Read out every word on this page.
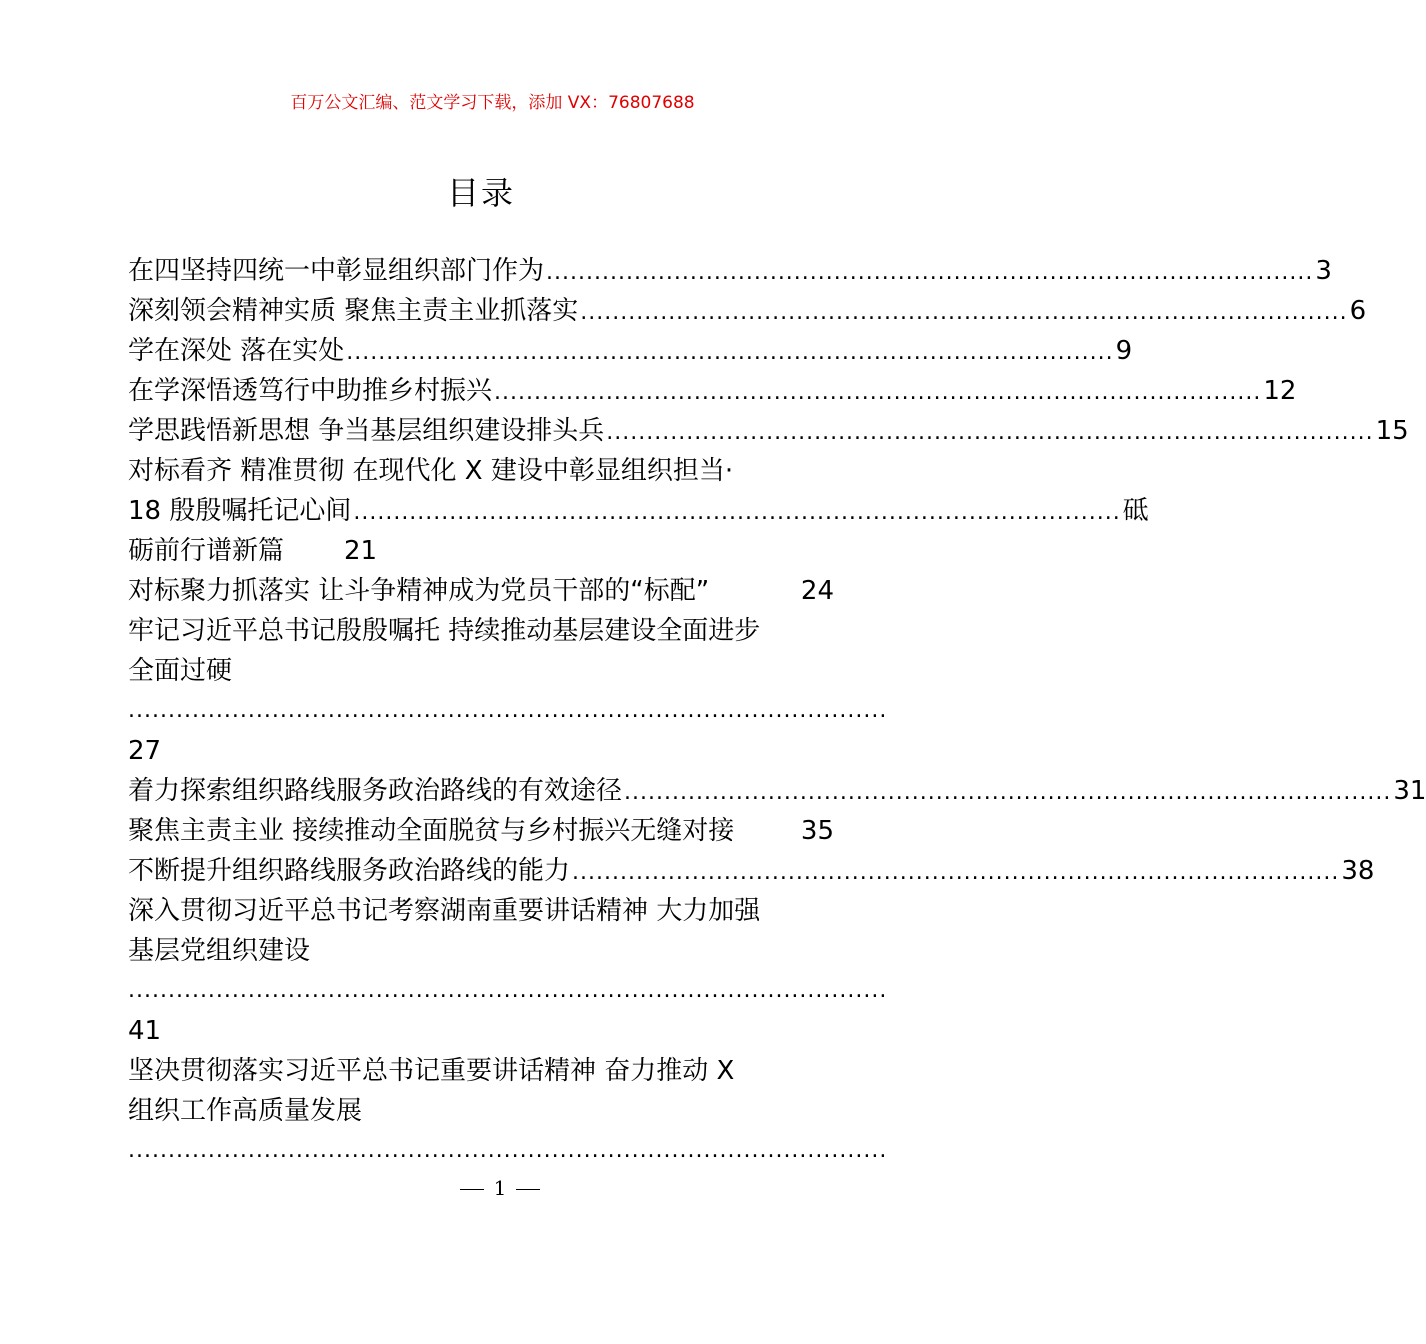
百万公文汇编、范文学习下载，添加 VX：76807688
目录
在四坚持四统一中彰显组织部门作为 ................................................................................................ 3
深刻领会精神实质 聚焦主责主业抓落实 ................................................................................................ 6
学在深处 落在实处 ................................................................................................ 9
在学深悟透笃行中助推乡村振兴 ................................................................................................ 12
学思践悟新思想 争当基层组织建设排头兵 ................................................................................................ 15
对标看齐 精准贯彻 在现代化 X 建设中彰显组织担当·
18 殷殷嘱托记心间 ................................................................................................ 砥
砺前行谱新篇 21
对标聚力抓落实 让斗争精神成为党员干部的“标配”	24
牢记习近平总书记殷殷嘱托 持续推动基层建设全面进步
全面过硬
...............................................................................................
27
着力探索组织路线服务政治路线的有效途径 ................................................................................................ 31
聚焦主责主业 接续推动全面脱贫与乡村振兴无缝对接	35
不断提升组织路线服务政治路线的能力 ................................................................................................ 38
深入贯彻习近平总书记考察湖南重要讲话精神 大力加强
基层党组织建设
...............................................................................................
41
坚决贯彻落实习近平总书记重要讲话精神 奋力推动 X
组织工作高质量发展
...............................................................................................
1
